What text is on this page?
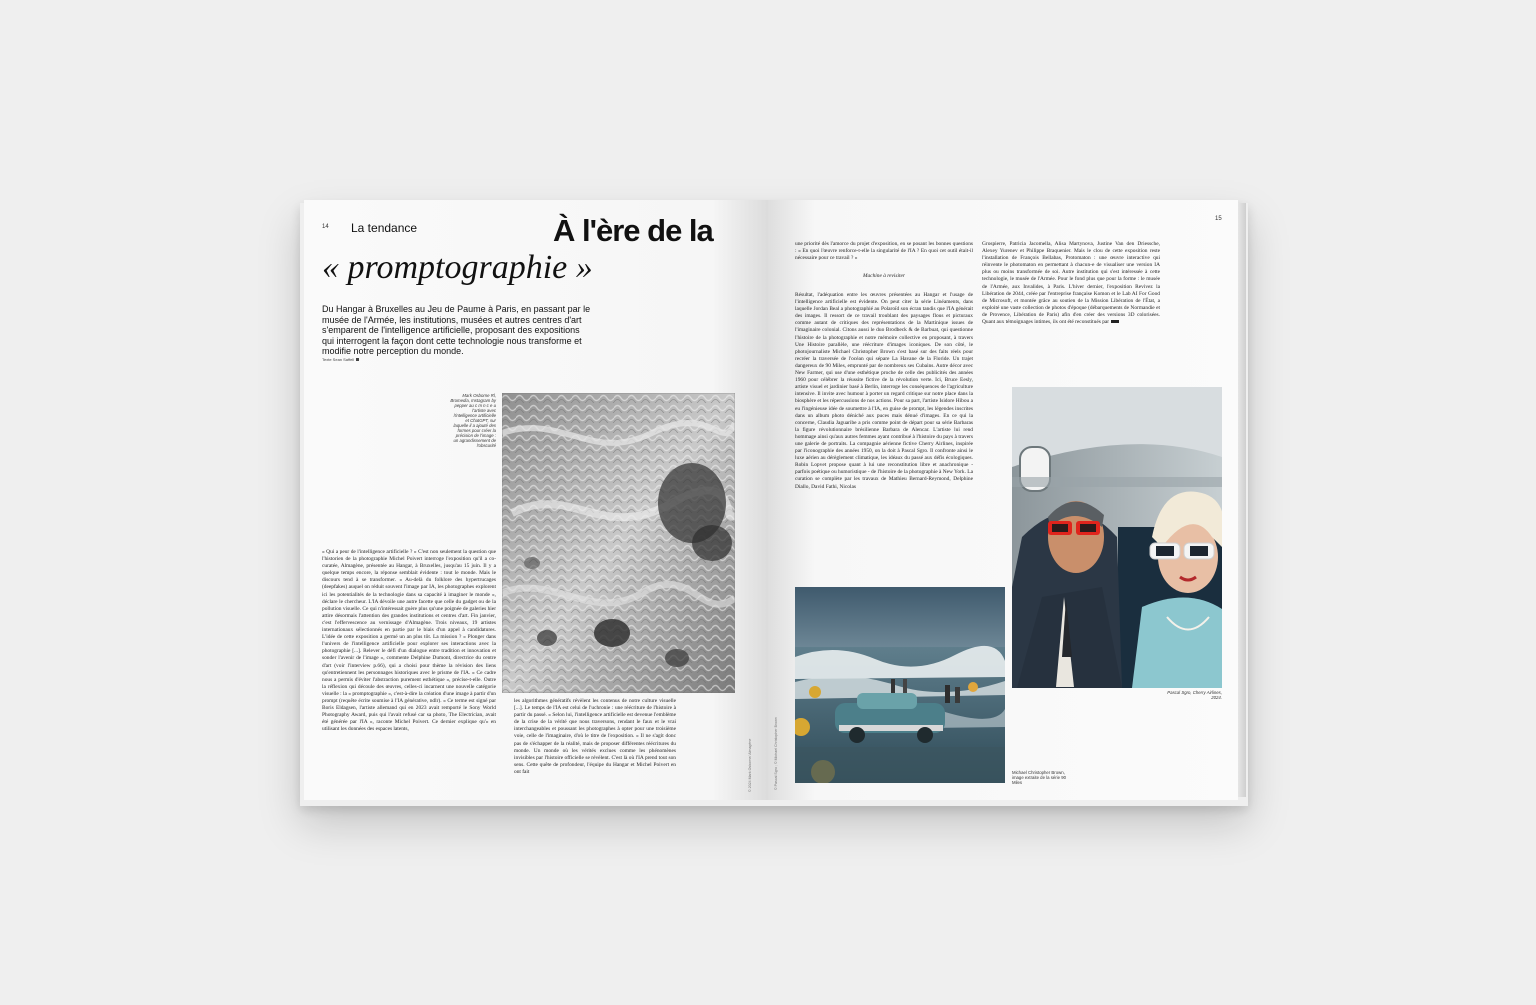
14 La tendance	À l'ère de la
« promptographie »
Du Hangar à Bruxelles au Jeu de Paume à Paris, en passant par le musée de l'Armée, les institutions, musées et autres centres d'art s'emparent de l'intelligence artificielle, proposant des expositions qui interrogent la façon dont cette technologie nous transforme et modifie notre perception du monde.
Texte Sean Saffell
Mark Osborne Rl, Bromedia, Instagram by pepper au c m n c e u l'artiste avec l'intelligence artificielle et ChatGPT, sur laquelle il a ajouté des formes pour créer la précision de l'image : un agrandissement de l'obscurité

« Qui a peur de l'intelligence artificielle ? » C'est non seulement la question que l'historien de la photographie Michel Poivert interroge l'exposition qu'il a co-curatée, Almagène, présentée au Hangar, à Bruxelles, jusqu'au 15 juin. Il y a quelque temps encore, la réponse semblait évidente : tout le monde. Mais le discours tend à se transformer. « Au-delà du folklore des hypertrucages (deepfakes) auquel on réduit souvent l'image par IA, les photographes explorent ici les potentialités de la technologie dans sa capacité à imaginer le monde », déclare le chercheur. L'IA dévoile une autre facette que celle du gadget ou de la pollution visuelle. Ce qui n'intéressait guère plus qu'une poignée de galeries hier attire désormais l'attention des grandes institutions et centres d'art. Fin janvier, c'est l'effervescence au vernissage d'Almagène. Trois niveaux, 19 artistes internationaux sélectionnés en partie par le biais d'un appel à candidatures. L'idée de cette exposition a germé un an plus tôt. La mission ? « Plonger dans l'univers de l'intelligence artificielle pour explorer ses interactions avec la photographie [...]. Relever le défi d'un dialogue entre tradition et innovation et sonder l'avenir de l'image », commente Delphine Dumont, directrice du centre d'art (voir l'interview p.66), qui a choisi pour thème la révision des liens qu'entretiennent les personnages historiques avec le prisme de l'IA. « Ce cadre nous a permis d'éviter l'abstraction purement esthétique », précise-t-elle. Outre la réflexion qui découle des œuvres, celles-ci incarnent une nouvelle catégorie visuelle : la « promptographie », c'est-à-dire la création d'une image à partir d'un prompt (requête écrite soumise à l'IA générative, ndlr). « Ce terme est signé par Boris Eldagsen, l'artiste allemand qui en 2023 avait remporté le Sony World Photography Award, puis qui l'avait refusé car sa photo, The Electrician, avait été générée par l'IA », raconte Michel Poivert. Ce dernier explique qu'« en utilisant les données des espaces latents,

les algorithmes génératifs révèlent les contenus de notre culture visuelle [...]. Le temps de l'IA est celui de l'uchronie : une réécriture de l'histoire à partir du passé. » Selon lui, l'intelligence artificielle est devenue l'emblème de la crise de la vérité que nous traversons, rendant le faux et le vrai interchangeables et poussant les photographes à opter pour une troisième voie, celle de l'imaginaire, d'où le titre de l'exposition. « Il ne s'agit donc pas de s'échapper de la réalité, mais de proposer différentes réécritures du monde. Un monde où les vérités exclues comme les phénomènes invisibles par l'histoire officielle se révèlent. C'est là où l'IA prend tout son sens. Cette quête de profondeur, l'équipe du Hangar et Michel Poivert en ont fait	© 2024 Mark Osborne/ Almagène
15

une priorité dès l'amorce du projet d'exposition, en se posant les bonnes questions : « En quoi l'œuvre renforce-t-elle la singularité de l'IA ? En quoi cet outil était-il nécessaire pour ce travail ? »

Machine à revisiter

Résultat, l'adéquation entre les œuvres présentées au Hangar et l'usage de l'intelligence artificielle est évidente. On peut citer la série Linéaments, dans laquelle Jordan Beal a photographié au Polaroïd son écran tandis que l'IA générait des images. Il ressort de ce travail troublant des paysages flous et picturaux comme autant de critiques des représentations de la Martinique issues de l'imaginaire colonial. Citons aussi le duo Brodbeck & de Barbuat, qui questionne l'histoire de la photographie et notre mémoire collective en proposant, à travers Une Histoire parallèle, une réécriture d'images iconiques. De son côté, le photojournaliste Michael Christopher Brown s'est basé sur des faits réels pour recréer la traversée de l'océan qui sépare La Havane de la Floride. Un trajet dangereux de 90 Miles, emprunté par de nombreux ses Cubains. Autre décor avec New Farmer, qui use d'une esthétique proche de celle des publicités des années 1960 pour célébrer la réussite fictive de la révolution verte. Ici, Bruce Eesly, artiste visuel et jardinier basé à Berlin, interroge les conséquences de l'agriculture intensive. Il invite avec humour à porter un regard critique sur notre place dans la biosphère et les répercussions de nos actions. Pour sa part, l'artiste Isidore Hibou a eu l'ingénieuse idée de soumettre à l'IA, en guise de prompt, les légendes inscrites dans un album photo déniché aux puces mais dénué d'images. En ce qui la concerne, Claudia Jaguaribe a pris comme point de départ pour sa série Barbaras la figure révolutionnaire brésilienne Barbara de Alencar. L'artiste lui rend hommage ainsi qu'aux autres femmes ayant contribué à l'histoire du pays à travers une galerie de portraits. La compagnie aérienne fictive Cherry Airlines, inspirée par l'iconographie des années 1950, on la doit à Pascal Sgro. Il confronte ainsi le luxe aérien au dérèglement climatique, les idéaux du passé aux défis écologiques. Robin Lopvet propose quant à lui une reconstitution libre et anachronique - parfois poétique ou humoristique - de l'histoire de la photographie à New York. La curation se complète par les travaux de Mathieu Bernard-Reymond, Delphine Diallo, David Fathi, Nicolas

Grospierre, Patricia Jacomella, Alisa Martynova, Justine Van den Driessche, Alexey Yurenev et Philippe Braquenier. Mais le clou de cette exposition reste l'installation de François Bellabas, Protomaton : une œuvre interactive qui réinvente le photomaton en permettant à chacun-e de visualiser une version IA plus ou moins transformée de soi. Autre institution qui s'est intéressée à cette technologie, le musée de l'Armée. Pour le fond plus que pour la forme : le musée de l'Armée, aux Invalides, à Paris. L'hiver dernier, l'exposition Revivez la Libération de 2044, créée par l'entreprise française Komon et le Lab AI For Good de Microsoft, et montée grâce au soutien de la Mission Libération de l'État, a exploité une vaste collection de photos d'époque (débarquements de Normandie et de Provence, Libération de Paris) afin d'en créer des versions 3D colorisées. Quant aux témoignages intimes, ils ont été reconstitués par

Michael Christopher Brown, image extraite de la série 90 Miles
Pascal Sgro, Cherry Airlines, 2024.
© Pascal Sgro ; © Michael Christopher Brown
